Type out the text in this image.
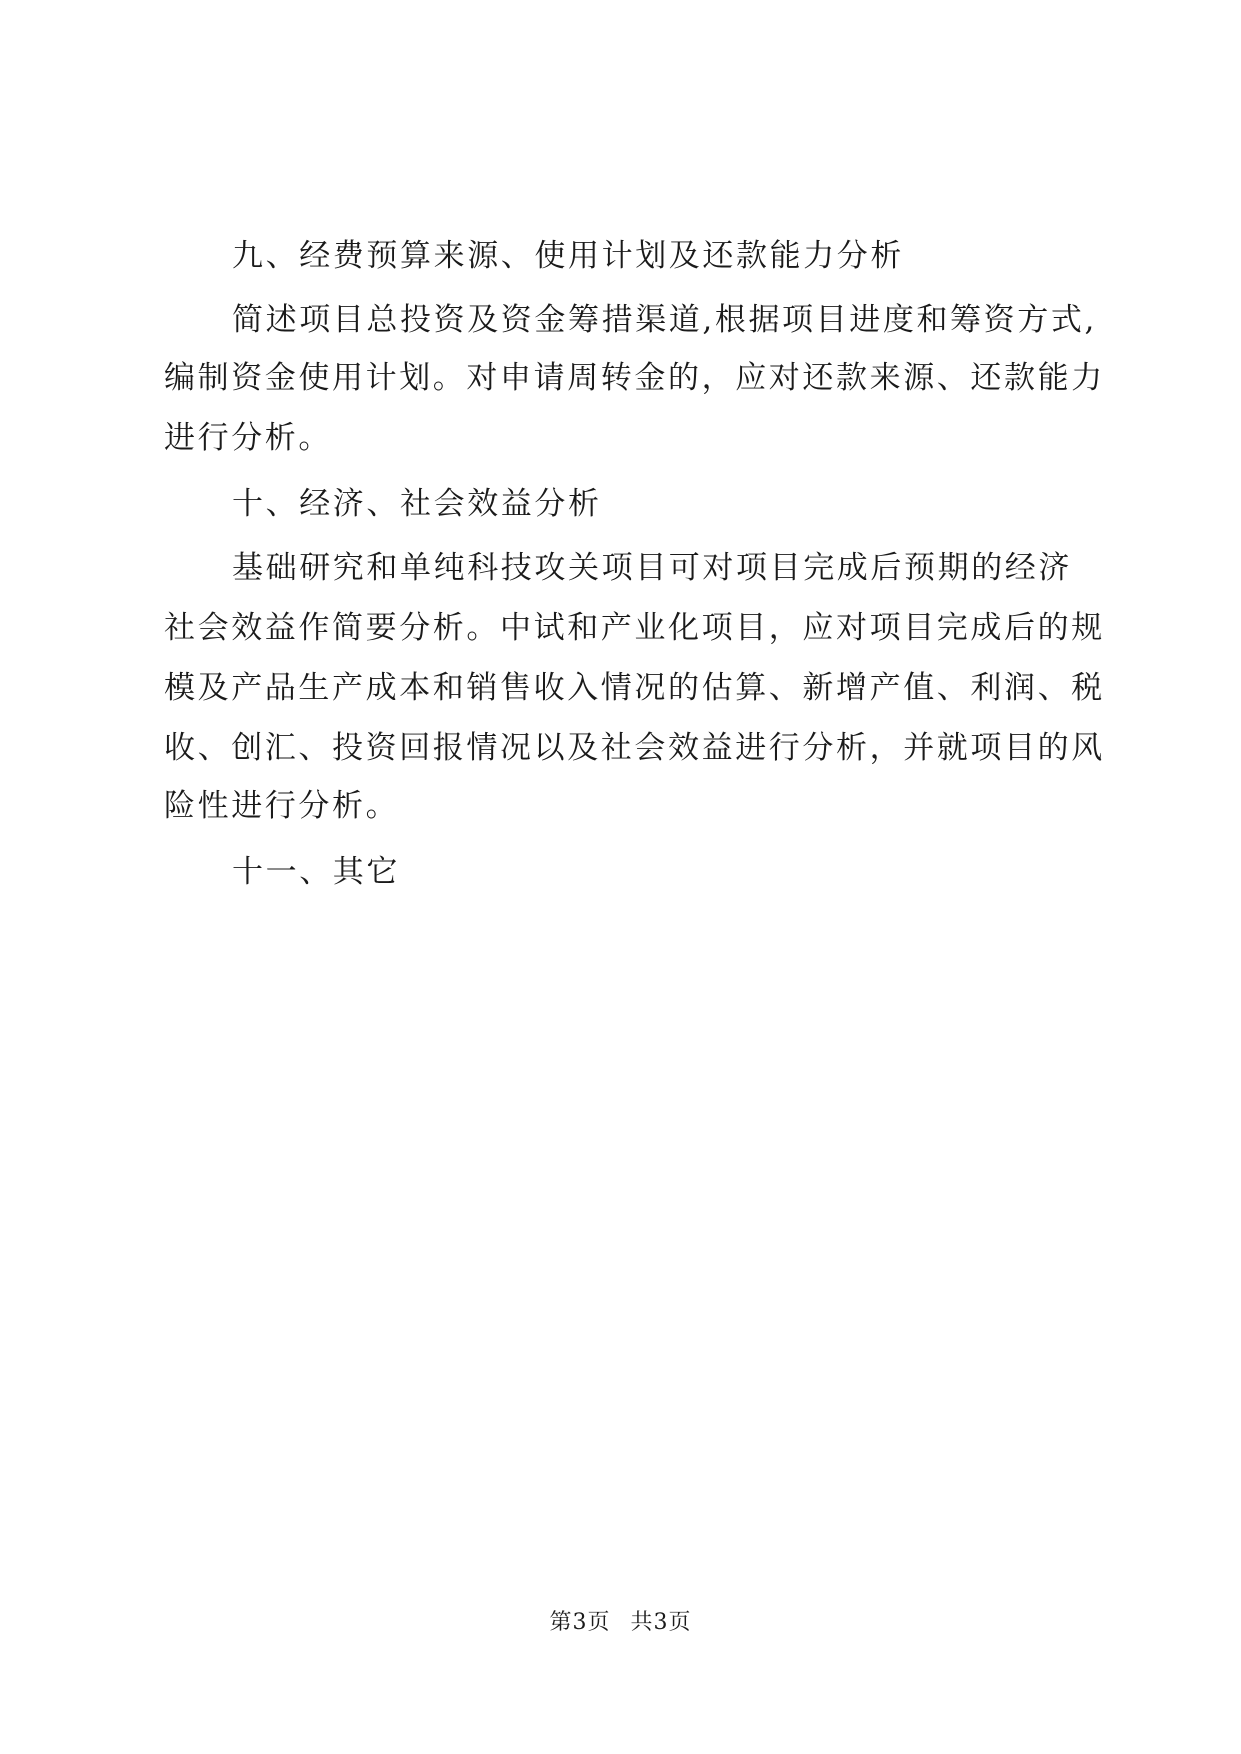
九、经费预算来源、使用计划及还款能力分析
简述项目总投资及资金筹措渠道,根据项目进度和筹资方式,
编制资金使用计划。对申请周转金的，应对还款来源、还款能力
进行分析。
十、经济、社会效益分析
基础研究和单纯科技攻关项目可对项目完成后预期的经济
社会效益作简要分析。中试和产业化项目，应对项目完成后的规
模及产品生产成本和销售收入情况的估算、新增产值、利润、税
收、创汇、投资回报情况以及社会效益进行分析，并就项目的风
险性进行分析。
十一、其它
第3页 共3页
